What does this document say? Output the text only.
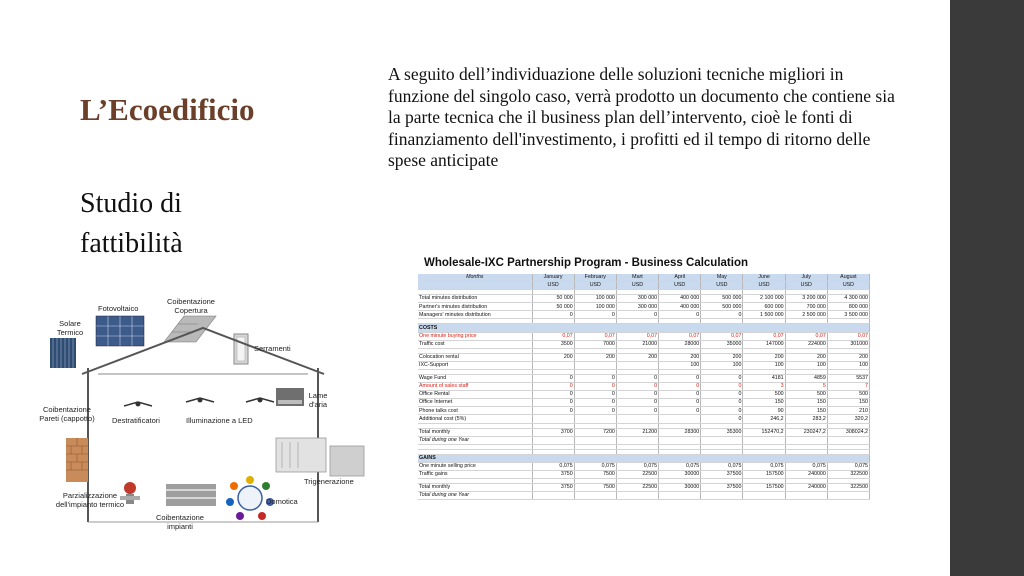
L’Ecoedificio
Studio di fattibilità
A seguito dell’individuazione delle soluzioni tecniche migliori in funzione del singolo caso, verrà prodotto un documento che contiene sia la parte tecnica che il business plan dell’intervento, cioè le fonti di finanziamento dell'investimento, i profitti ed il tempo di ritorno delle spese anticipate
Fotovoltaico
Coibentazione Copertura
Solare Termico
Serramenti
Lame d'aria
Coibentazione Pareti (cappotto) Destratificatori	Illuminazione a LED
Trigenerazione
Parzializzazione dell'impianto termico	Domotica
Coibentazione impianti
Wholesale-IXC Partnership Program - Business Calculation
Months	January	February	Mart	April	May	June	July	August
	USD	USD	USD	USD	USD	USD	USD	USD

Total minutes distribution	50 000	100 000	300 000	400 000	500 000	2 100 000	3 200 000	4 300 000
Partner's minutes distribution	50 000	100 000	300 000	400 000	500 000	600 000	700 000	800 000
Managers' minutes distribution	0	0	0	0	0	1 500 000	2 500 000	3 500 000

COSTS								
One minute buying price	0,07	0,07	0,07	0,07	0,07	0,07	0,07	0,07
Traffic cost	3500	7000	21000	28000	35000	147000	224000	301000

Colocation rental	200	200	200	200	200	200	200	200
IXC-Support				100	100	100	100	100

Wage Fund	0	0	0	0	0	4181	4859	5537
Amount of sales staff	0	0	0	0	0	3	5	7
Office Rental	0	0	0	0	0	500	500	500
Office Internet	0	0	0	0	0	150	150	150
Phone talks cost	0	0	0	0	0	90	150	210
Additional cost (5%)					0	246,2	283,2	320,2

Total monthly	3700	7200	21200	28300	35300	152470,2	230247,2	308024,2
Total during one Year								

GAINS								
One minute selling price	0,075	0,075	0,075	0,075	0,075	0,075	0,075	0,075
Traffic gains	3750	7500	22500	30000	37500	157500	240000	322500

Total monthly	3750	7500	22500	30000	37500	157500	240000	322500
Total during one Year								
